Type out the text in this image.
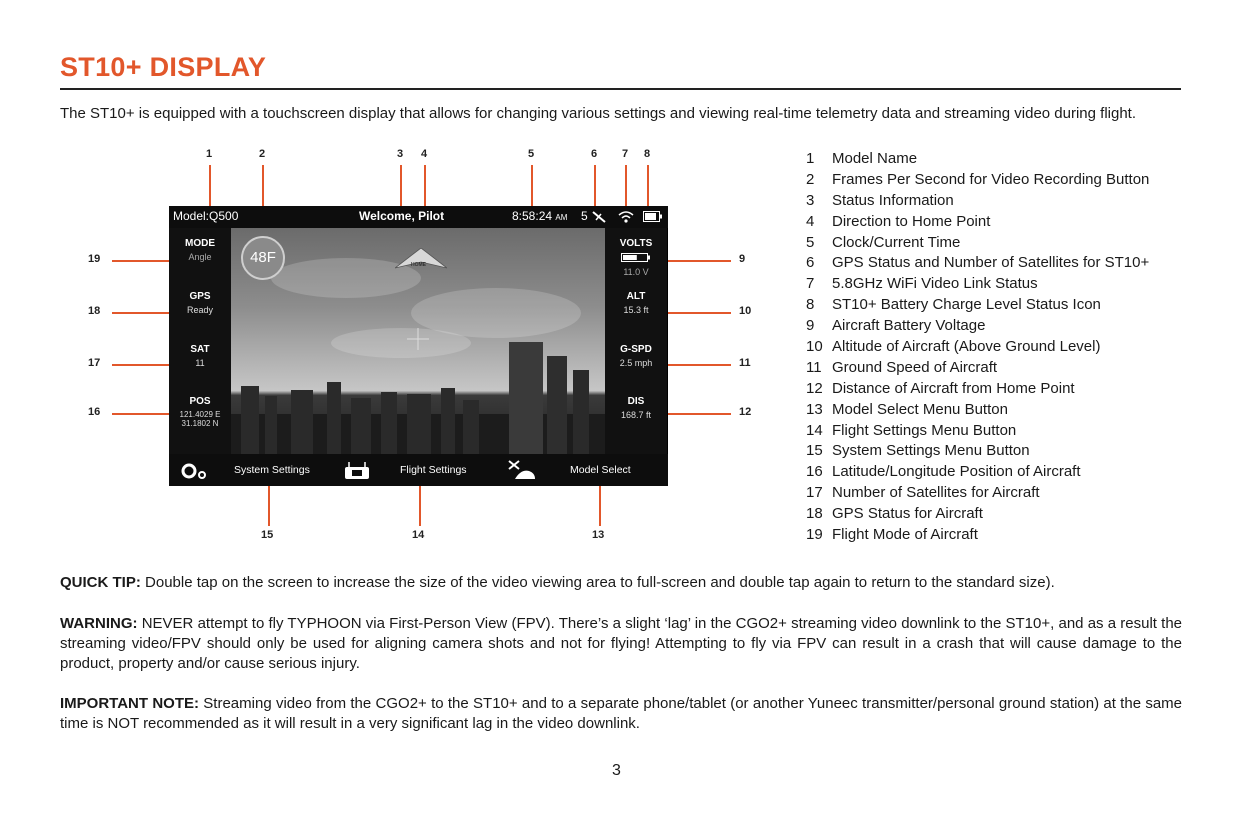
ST10+ DISPLAY

The ST10+ is equipped with a touchscreen display that allows for changing various settings and viewing real-time telemetry data and streaming video during flight.

1	2	3 4	5	6 7 8
19
18
17
16
9
10
11
12
15	14	13
Model:Q500	Welcome, Pilot	8:58:24 AM 5
48F	HOME
MODE
Angle
GPS
Ready
SAT
11
POS
121.4029 E
31.1802 N
VOLTS
11.0 V
ALT
15.3 ft
G-SPD
2.5 mph
DIS
168.7 ft
System Settings	Flight Settings	Model Select
1 Model Name
2 Frames Per Second for Video Recording Button
3 Status Information
4 Direction to Home Point
5 Clock/Current Time
6 GPS Status and Number of Satellites for ST10+
7 5.8GHz WiFi Video Link Status
8 ST10+ Battery Charge Level Status Icon
9 Aircraft Battery Voltage
10 Altitude of Aircraft (Above Ground Level)
11 Ground Speed of Aircraft
12 Distance of Aircraft from Home Point
13 Model Select Menu Button
14 Flight Settings Menu Button
15 System Settings Menu Button
16 Latitude/Longitude Position of Aircraft
17 Number of Satellites for Aircraft
18 GPS Status for Aircraft
19 Flight Mode of Aircraft

QUICK TIP: Double tap on the screen to increase the size of the video viewing area to full-screen and double tap again to return to the standard size).

WARNING: NEVER attempt to fly TYPHOON via First-Person View (FPV). There’s a slight ‘lag’ in the CGO2+ streaming video downlink to the ST10+, and as a result the streaming video/FPV should only be used for aligning camera shots and not for flying! Attempting to fly via FPV can result in a crash that will cause damage to the product, property and/or cause serious injury.

IMPORTANT NOTE: Streaming video from the CGO2+ to the ST10+ and to a separate phone/tablet (or another Yuneec transmitter/personal ground station) at the same time is NOT recommended as it will result in a very significant lag in the video downlink.

3
